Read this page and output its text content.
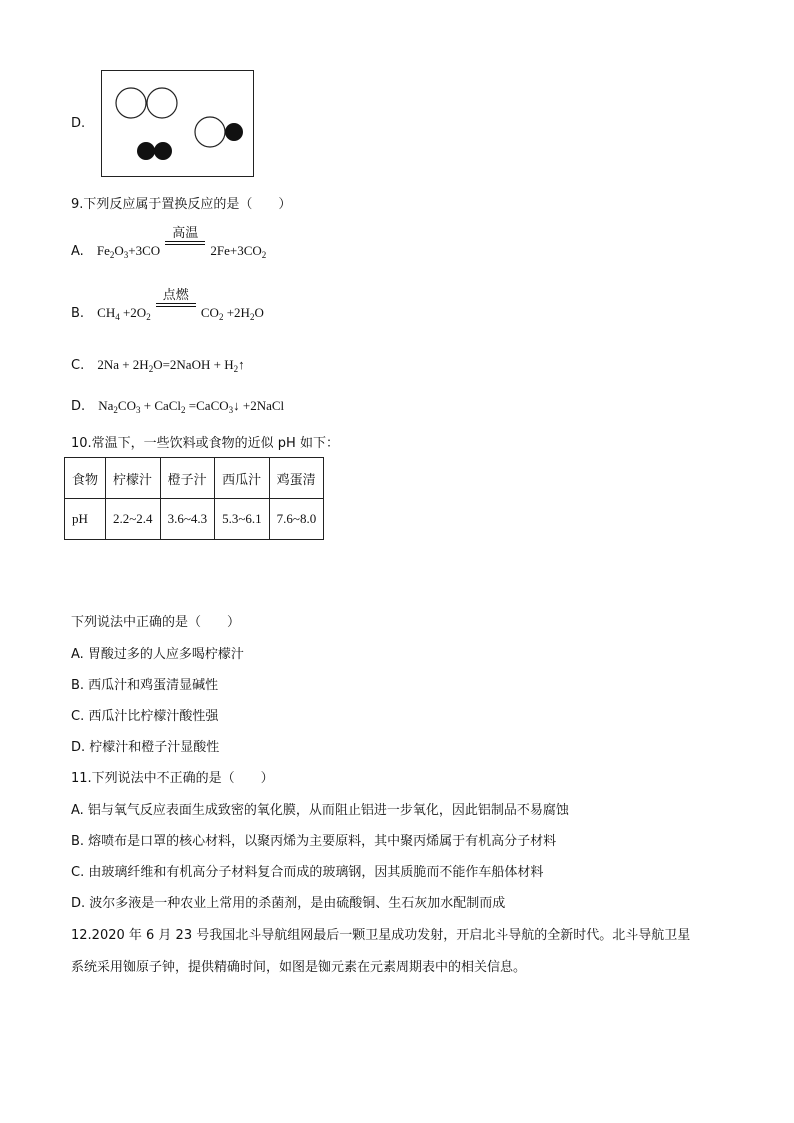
D.
9.下列反应属于置换反应的是（　　）
A. $Fe_2O_3+3CO$
高温
$2Fe+3CO_2$
B. $CH_4 +2O_2$
点燃
$CO_2 +2H_2O$
C. $2Na + 2H_2O=2NaOH$ + $H_2↑$
D. $Na_2CO_3$ + CaCl$_2$ =CaCO$_3$↓ +2NaCl
10.常温下，一些饮料或食物的近似 pH 如下：
食物	柠檬汁	橙子汁	西瓜汁	鸡蛋清
pH	2.2~2.4	3.6~4.3	5.3~6.1	7.6~8.0
下列说法中正确的是（　　）
A. 胃酸过多的人应多喝柠檬汁
B. 西瓜汁和鸡蛋清显碱性
C. 西瓜汁比柠檬汁酸性强
D. 柠檬汁和橙子汁显酸性
11.下列说法中不正确的是（　　）
A. 铝与氧气反应表面生成致密的氧化膜，从而阻止铝进一步氧化，因此铝制品不易腐蚀
B. 熔喷布是口罩的核心材料，以聚丙烯为主要原料，其中聚丙烯属于有机高分子材料
C. 由玻璃纤维和有机高分子材料复合而成的玻璃钢，因其质脆而不能作车船体材料
D. 波尔多液是一种农业上常用的杀菌剂，是由硫酸铜、生石灰加水配制而成
12.2020 年 6 月 23 号我国北斗导航组网最后一颗卫星成功发射，开启北斗导航的全新时代。北斗导航卫星
系统采用铷原子钟，提供精确时间，如图是铷元素在元素周期表中的相关信息。
